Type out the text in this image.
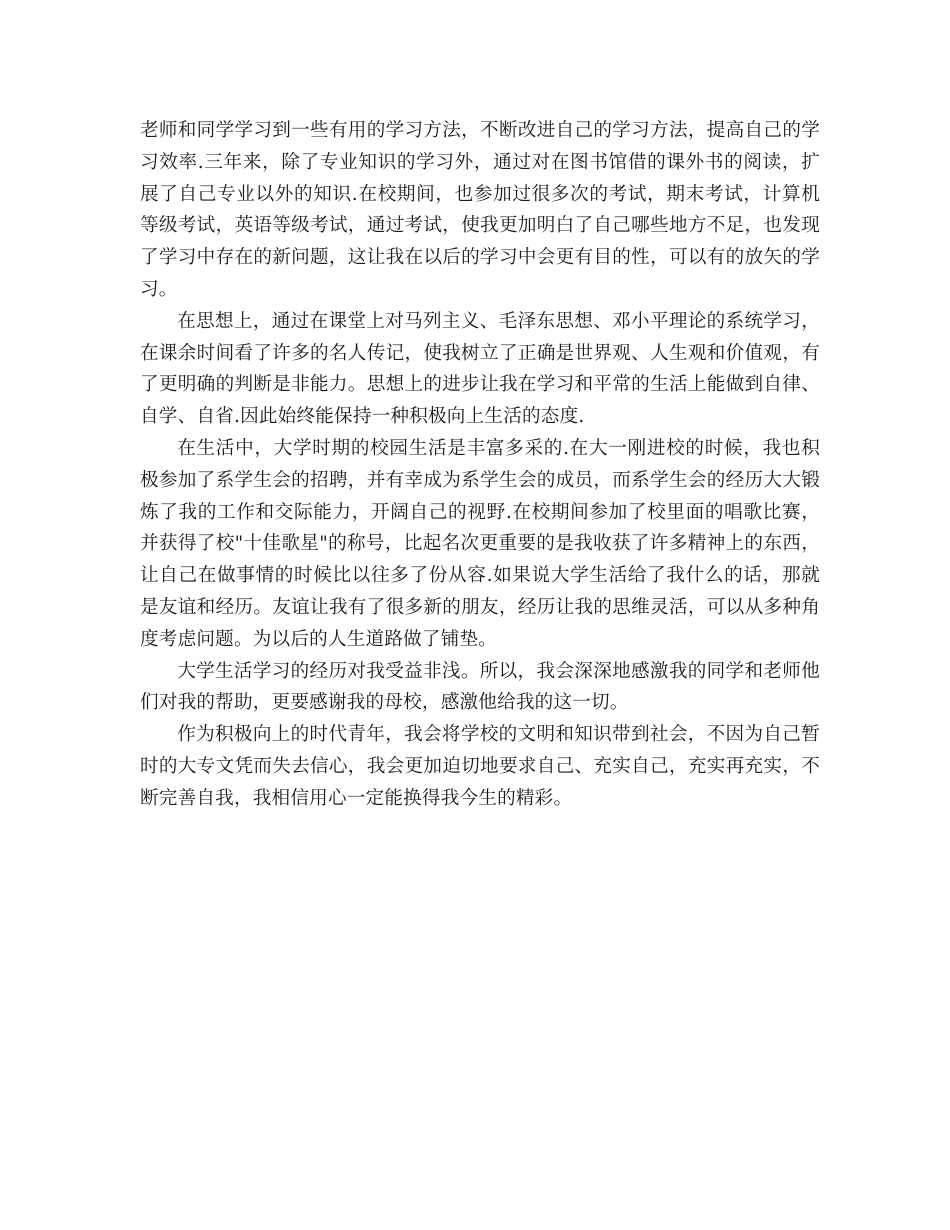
老师和同学学习到一些有用的学习方法，不断改进自己的学习方法，提高自己的学习效率.三年来，除了专业知识的学习外，通过对在图书馆借的课外书的阅读，扩展了自己专业以外的知识.在校期间，也参加过很多次的考试，期末考试，计算机等级考试，英语等级考试，通过考试，使我更加明白了自己哪些地方不足，也发现了学习中存在的新问题，这让我在以后的学习中会更有目的性，可以有的放矢的学习。

在思想上，通过在课堂上对马列主义、毛泽东思想、邓小平理论的系统学习，在课余时间看了许多的名人传记，使我树立了正确是世界观、人生观和价值观，有了更明确的判断是非能力。思想上的进步让我在学习和平常的生活上能做到自律、自学、自省.因此始终能保持一种积极向上生活的态度.

在生活中，大学时期的校园生活是丰富多采的.在大一刚进校的时候，我也积极参加了系学生会的招聘，并有幸成为系学生会的成员，而系学生会的经历大大锻炼了我的工作和交际能力，开阔自己的视野.在校期间参加了校里面的唱歌比赛，并获得了校"十佳歌星"的称号，比起名次更重要的是我收获了许多精神上的东西，让自己在做事情的时候比以往多了份从容.如果说大学生活给了我什么的话，那就是友谊和经历。友谊让我有了很多新的朋友，经历让我的思维灵活，可以从多种角度考虑问题。为以后的人生道路做了铺垫。

大学生活学习的经历对我受益非浅。所以，我会深深地感激我的同学和老师他们对我的帮助，更要感谢我的母校，感激他给我的这一切。

作为积极向上的时代青年，我会将学校的文明和知识带到社会，不因为自己暂时的大专文凭而失去信心，我会更加迫切地要求自己、充实自己，充实再充实，不断完善自我，我相信用心一定能换得我今生的精彩。
